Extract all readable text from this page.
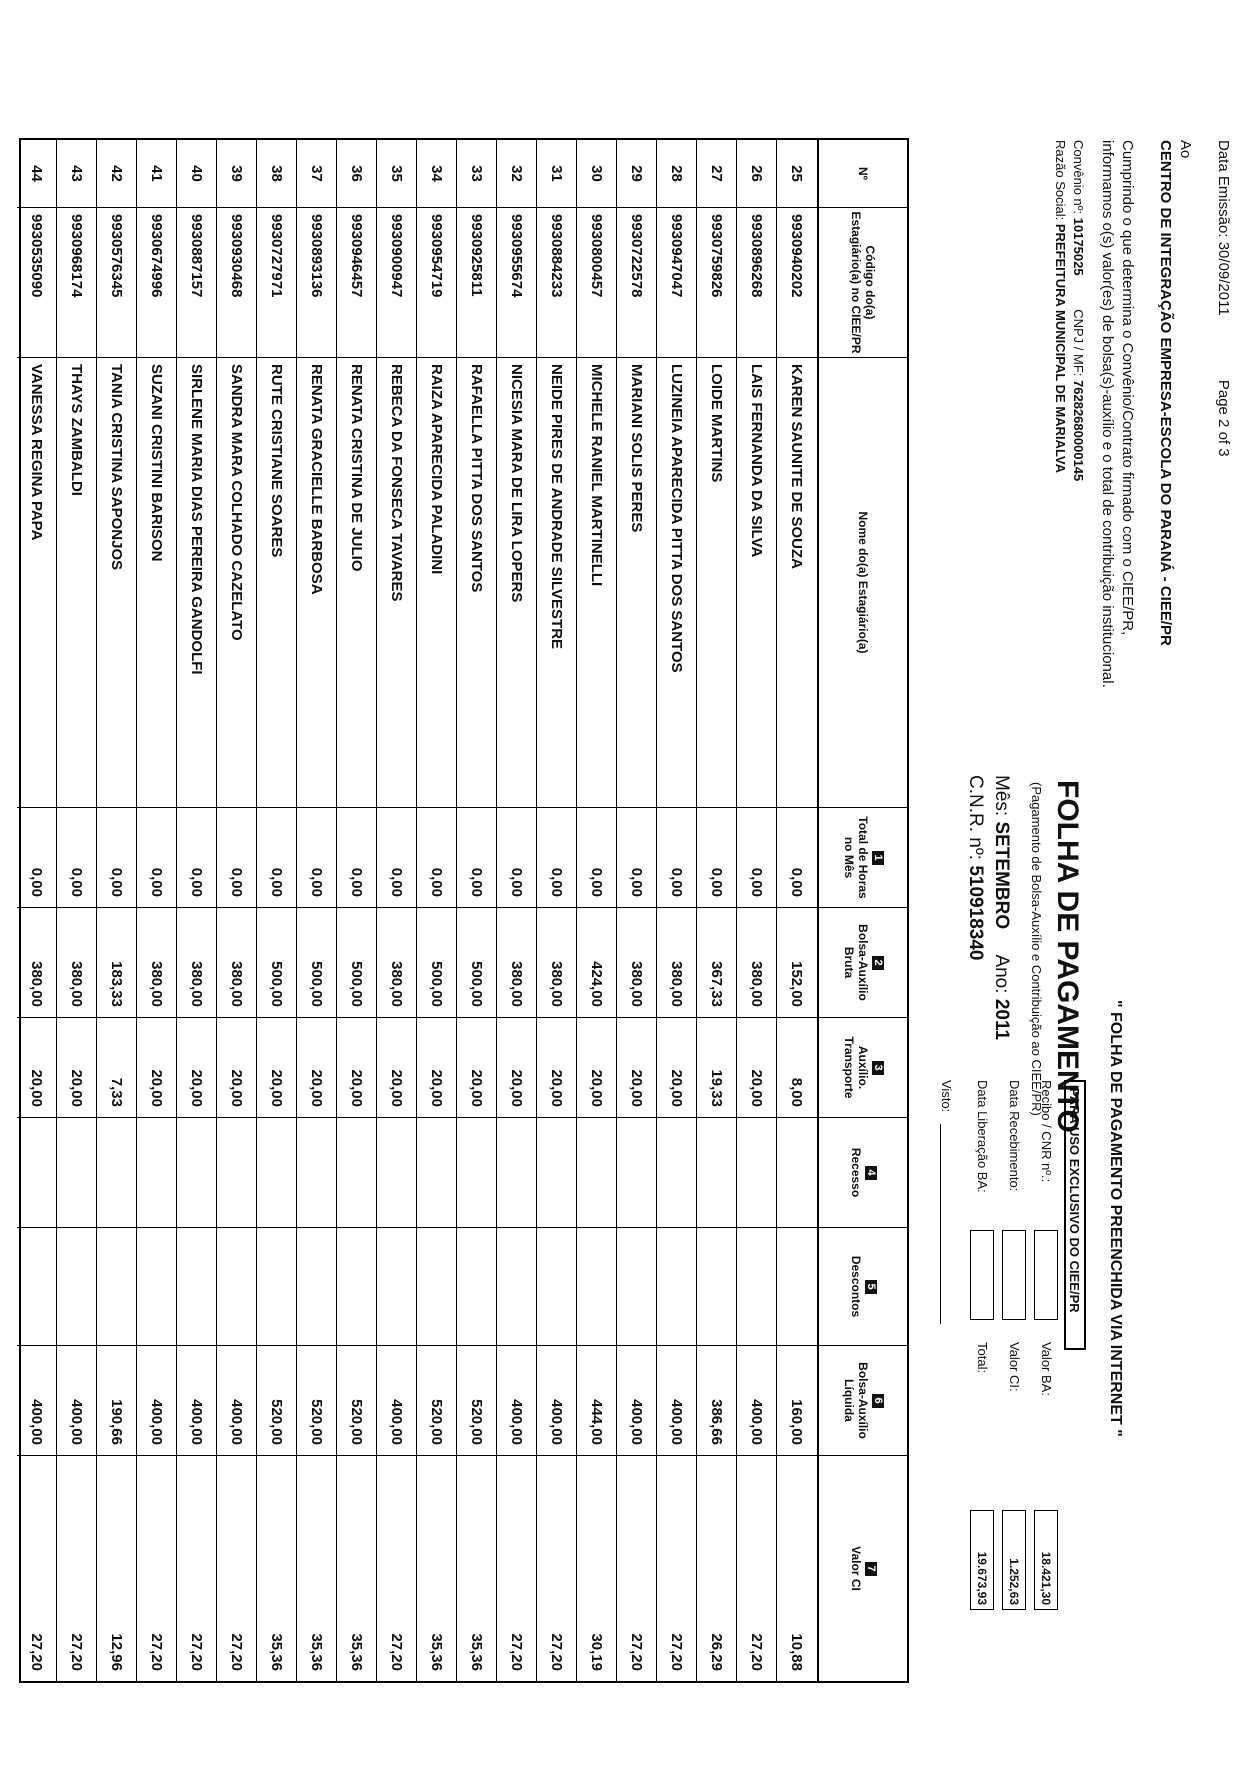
Data Emissão: 30/09/2011 Page 2 of 3
Ao
CENTRO DE INTEGRAÇÃO EMPRESA-ESCOLA DO PARANÁ - CIEE/PR
Cumprindo o que determina o Convênio/Contrato firmado com o CIEE/PR,
informamos o(s) valor(es) de bolsa(s)-auxílio e o total de contribuição institucional.
Convênio nº: 10175025 CNPJ / MF: 76282680000145
Razão Social: PREFEITURA MUNICIPAL DE MARIALVA
" FOLHA DE PAGAMENTO PREENCHIDA VIA INTERNET "
FOLHA DE PAGAMENTO
(Pagamento de Bolsa-Auxílio e Contribuição ao CIEE/PR)
Mês: SETEMBRO Ano: 2011
C.N.R. nº: 510918340
PARA USO EXCLUSIVO DO CIEE/PR
Recibo / CNR nº.:
Data Recebimento:
Data Liberação BA:
Valor BA:
18.421,30
Valor CI:
1.252,63
Total:
19.673,93
Visto:
Nº
Código do(a) Estagiário(a) no CIEE/PR
Nome do(a) Estagiário(a)
1
Total de Horas no Mês
2
Bolsa-Auxílio Bruta
3
Auxílio. Transporte
4
Recesso
5
Descontos
6
Bolsa-Auxílio Líquida
7
Valor CI
25
9930940202
KAREN SAUNITE DE SOUZA
0,00
152,00
8,00
160,00
10,88
26
9930896268
LAIS FERNANDA DA SILVA
0,00
380,00
20,00
400,00
27,20
27
9930759826
LOIDE MARTINS
0,00
367,33
19,33
386,66
26,29
28
9930947047
LUZINEIA APARECIDA PITTA DOS SANTOS
0,00
380,00
20,00
400,00
27,20
29
9930722578
MARIANI SOLIS PERES
0,00
380,00
20,00
400,00
27,20
30
9930800457
MICHELE RANIEL MARTINELLI
0,00
424,00
20,00
444,00
30,19
31
9930884233
NEIDE PIRES DE ANDRADE SILVESTRE
0,00
380,00
20,00
400,00
27,20
32
9930955674
NICESIA MARA DE LIRA LOPERS
0,00
380,00
20,00
400,00
27,20
33
9930925811
RAFAELLA PITTA DOS SANTOS
0,00
500,00
20,00
520,00
35,36
34
9930954719
RAIZA APARECIDA PALADINI
0,00
500,00
20,00
520,00
35,36
35
9930900947
REBECA DA FONSECA TAVARES
0,00
380,00
20,00
400,00
27,20
36
9930946457
RENATA CRISTINA DE JULIO
0,00
500,00
20,00
520,00
35,36
37
9930893136
RENATA GRACIELLE BARBOSA
0,00
500,00
20,00
520,00
35,36
38
9930727971
RUTE CRISTIANE SOARES
0,00
500,00
20,00
520,00
35,36
39
9930930468
SANDRA MARA COLHADO CAZELATO
0,00
380,00
20,00
400,00
27,20
40
9930887157
SIRLENE MARIA DIAS PEREIRA GANDOLFI
0,00
380,00
20,00
400,00
27,20
41
9930674996
SUZANI CRISTINI BARISON
0,00
380,00
20,00
400,00
27,20
42
9930576345
TANIA CRISTINA SAPONJOS
0,00
183,33
7,33
190,66
12,96
43
9930968174
THAYS ZAMBALDI
0,00
380,00
20,00
400,00
27,20
44
9930535090
VANESSA REGINA PAPA
0,00
380,00
20,00
400,00
27,20
